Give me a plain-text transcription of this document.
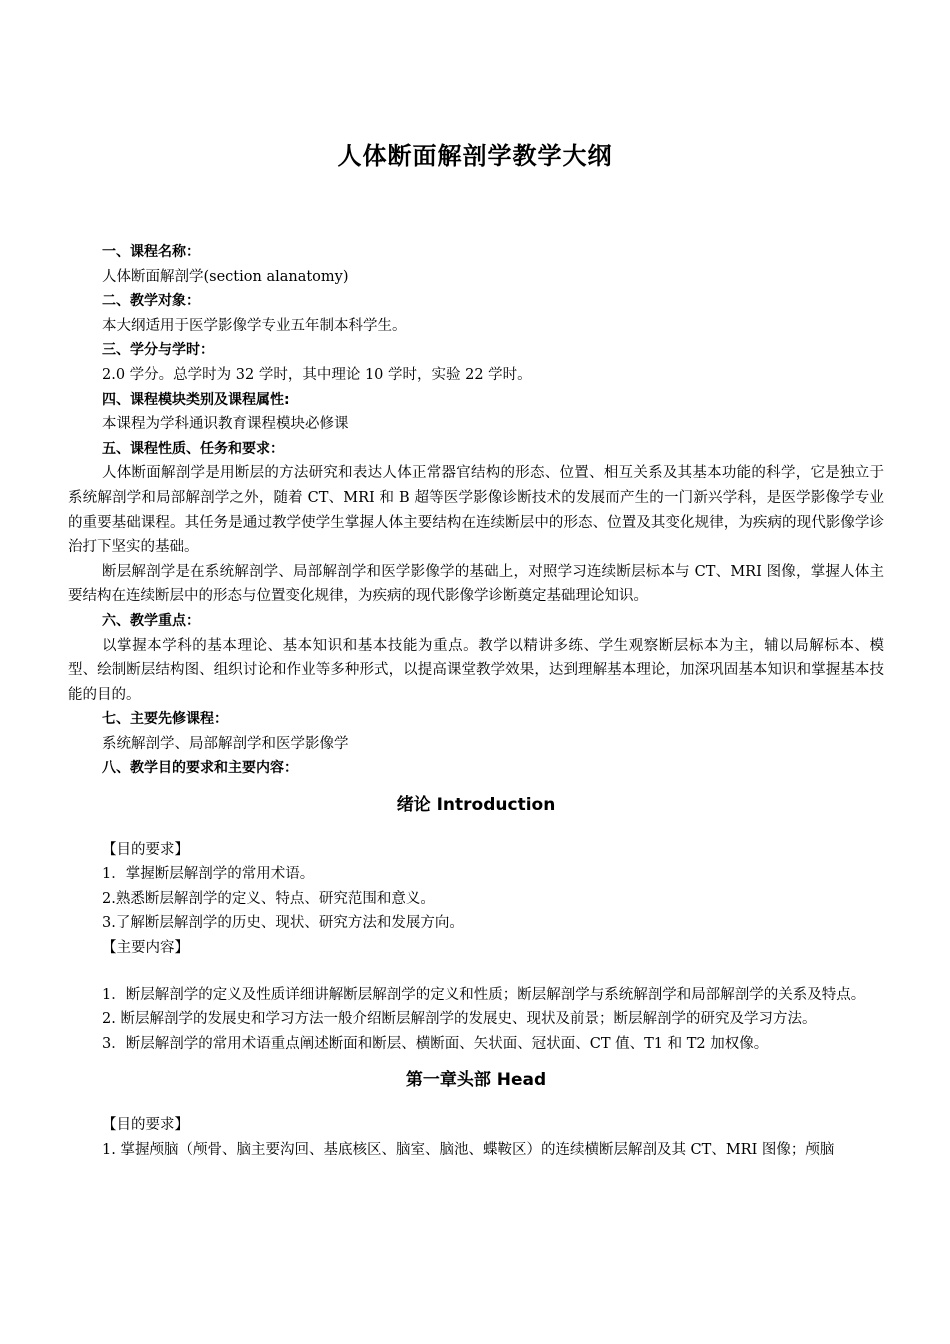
人体断面解剖学教学大纲
一、课程名称：
人体断面解剖学(section alanatomy)
二、教学对象：
本大纲适用于医学影像学专业五年制本科学生。
三、学分与学时：
2.0 学分。总学时为 32 学时，其中理论 10 学时，实验 22 学时。
四、课程模块类别及课程属性:
本课程为学科通识教育课程模块必修课
五、课程性质、任务和要求：
人体断面解剖学是用断层的方法研究和表达人体正常器官结构的形态、位置、相互关系及其基本功能的科学，它是独立于系统解剖学和局部解剖学之外，随着 CT、MRI 和 B 超等医学影像诊断技术的发展而产生的一门新兴学科，是医学影像学专业的重要基础课程。其任务是通过教学使学生掌握人体主要结构在连续断层中的形态、位置及其变化规律，为疾病的现代影像学诊治打下坚实的基础。
断层解剖学是在系统解剖学、局部解剖学和医学影像学的基础上，对照学习连续断层标本与 CT、MRI 图像，掌握人体主要结构在连续断层中的形态与位置变化规律，为疾病的现代影像学诊断奠定基础理论知识。
六、教学重点：
以掌握本学科的基本理论、基本知识和基本技能为重点。教学以精讲多练、学生观察断层标本为主，辅以局解标本、模型、绘制断层结构图、组织讨论和作业等多种形式，以提高课堂教学效果，达到理解基本理论，加深巩固基本知识和掌握基本技能的目的。
七、主要先修课程：
系统解剖学、局部解剖学和医学影像学
八、教学目的要求和主要内容：
绪论 Introduction
【目的要求】
1．掌握断层解剖学的常用术语。
2.熟悉断层解剖学的定义、特点、研究范围和意义。
3.了解断层解剖学的历史、现状、研究方法和发展方向。
【主要内容】
1．断层解剖学的定义及性质详细讲解断层解剖学的定义和性质；断层解剖学与系统解剖学和局部解剖学的关系及特点。
2. 断层解剖学的发展史和学习方法一般介绍断层解剖学的发展史、现状及前景；断层解剖学的研究及学习方法。
3．断层解剖学的常用术语重点阐述断面和断层、横断面、矢状面、冠状面、CT 值、T1 和 T2 加权像。
第一章头部 Head
【目的要求】
1. 掌握颅脑（颅骨、脑主要沟回、基底核区、脑室、脑池、蝶鞍区）的连续横断层解剖及其 CT、MRI 图像；颅脑
